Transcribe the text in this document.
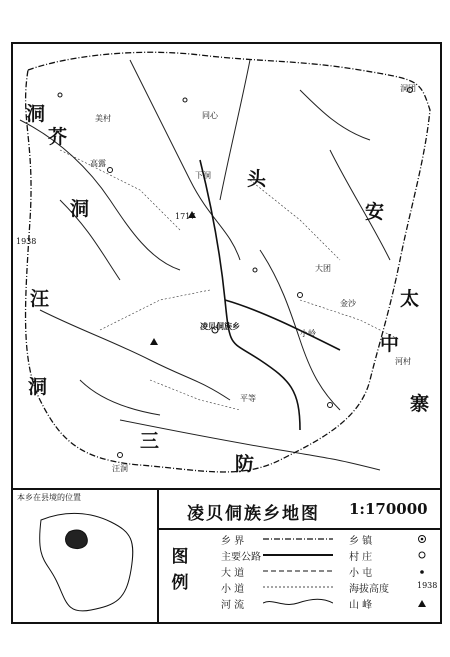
洞
芥
头
安
洞
太
中
汪
洞
寨
防
三
凌贝侗族乡
下洞
高露
小岭
洞团
大团
金沙
同心
汪洞
平等
河村
美村
1938
1717
本乡在县境的位置
凌贝侗族乡地图 1:170000
图例
乡 界	乡 镇
主要公路	村 庄
大 道	小 屯
小 道	海拔高度	1938
河 流	山 峰
